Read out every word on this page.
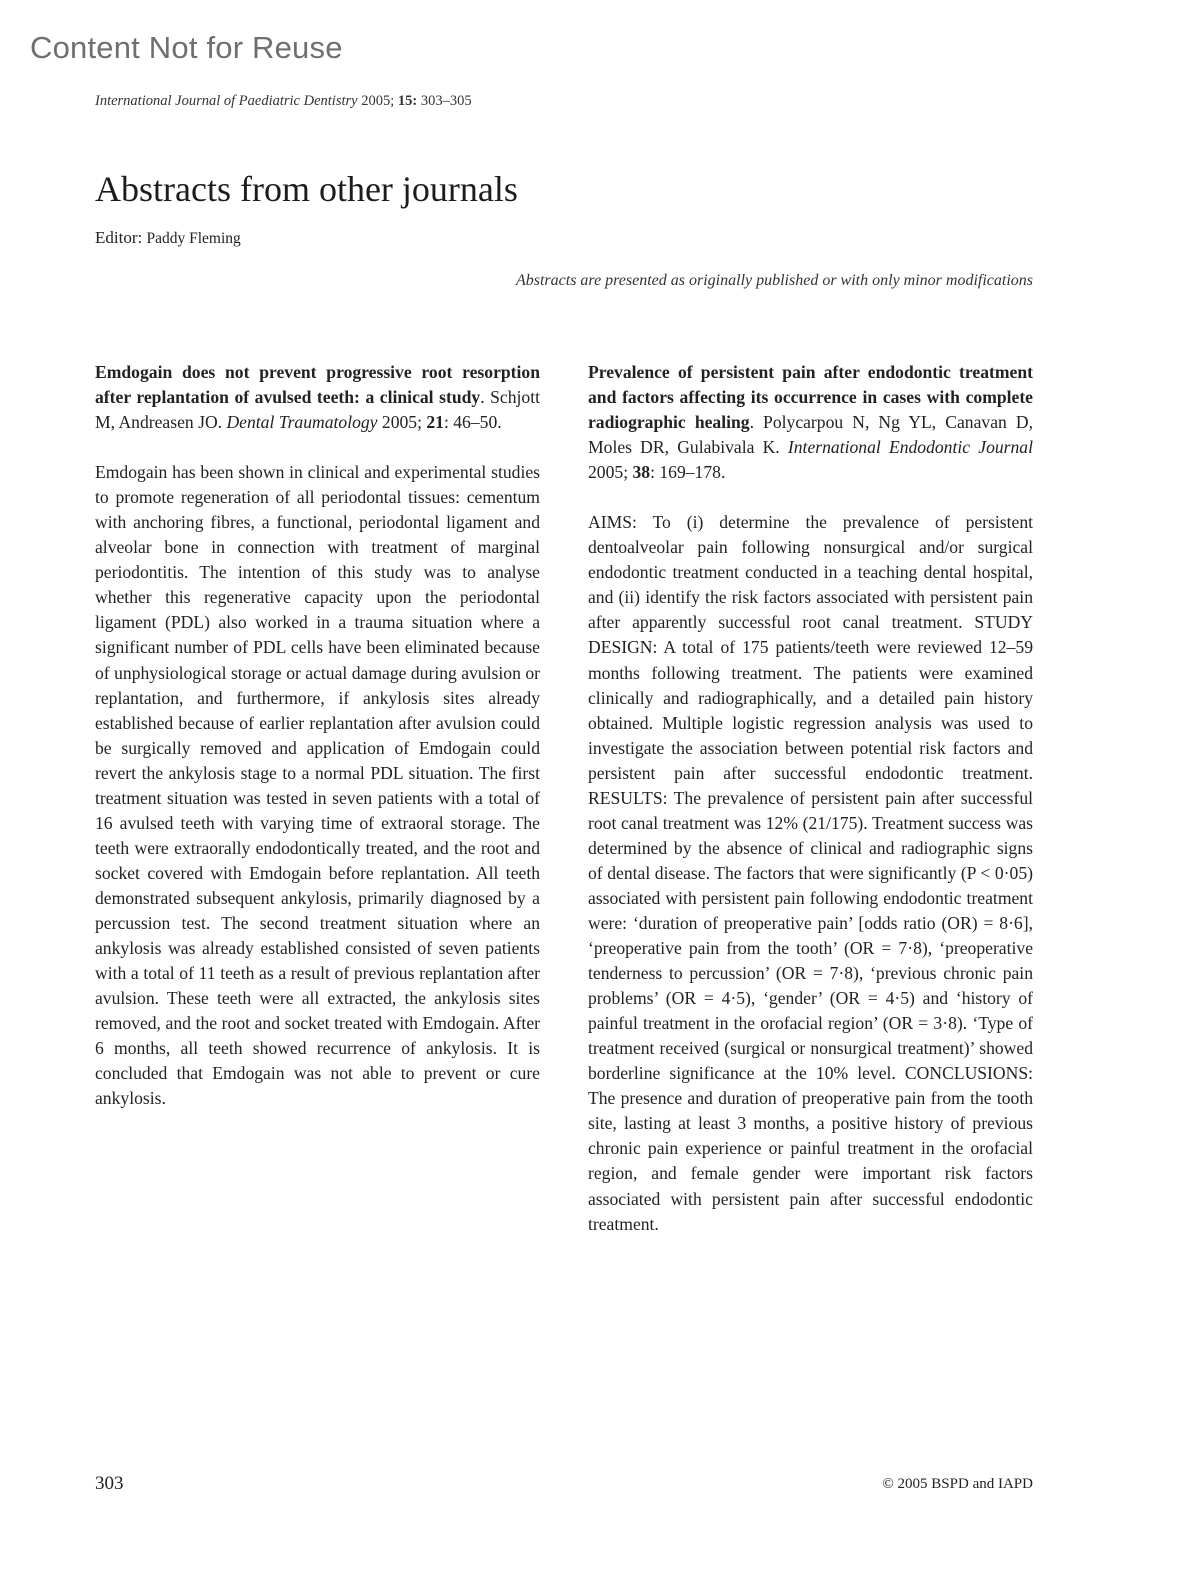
Content Not for Reuse
International Journal of Paediatric Dentistry 2005; 15: 303–305
Abstracts from other journals
Editor: Paddy Fleming
Abstracts are presented as originally published or with only minor modifications

Emdogain does not prevent progressive root resorption after replantation of avulsed teeth: a clinical study. Schjott M, Andreasen JO. Dental Traumatology 2005; 21: 46–50.

Emdogain has been shown in clinical and experimental studies to promote regeneration of all periodontal tissues: cementum with anchoring fibres, a functional, periodontal ligament and alveolar bone in connection with treatment of marginal periodontitis. The intention of this study was to analyse whether this regenerative capacity upon the periodontal ligament (PDL) also worked in a trauma situation where a significant number of PDL cells have been eliminated because of unphysiological storage or actual damage during avulsion or replantation, and furthermore, if ankylosis sites already established because of earlier replantation after avulsion could be surgically removed and application of Emdogain could revert the ankylosis stage to a normal PDL situation. The first treatment situation was tested in seven patients with a total of 16 avulsed teeth with varying time of extraoral storage. The teeth were extraorally endodontically treated, and the root and socket covered with Emdogain before replantation. All teeth demonstrated subsequent ankylosis, primarily diagnosed by a percussion test. The second treatment situation where an ankylosis was already established consisted of seven patients with a total of 11 teeth as a result of previous replantation after avulsion. These teeth were all extracted, the ankylosis sites removed, and the root and socket treated with Emdogain. After 6 months, all teeth showed recurrence of ankylosis. It is concluded that Emdogain was not able to prevent or cure ankylosis.

Prevalence of persistent pain after endodontic treatment and factors affecting its occurrence in cases with complete radiographic healing. Polycarpou N, Ng YL, Canavan D, Moles DR, Gulabivala K. International Endodontic Journal 2005; 38: 169–178.

AIMS: To (i) determine the prevalence of persistent dentoalveolar pain following nonsurgical and/or surgical endodontic treatment conducted in a teaching dental hospital, and (ii) identify the risk factors associated with persistent pain after apparently successful root canal treatment. STUDY DESIGN: A total of 175 patients/teeth were reviewed 12–59 months following treatment. The patients were examined clinically and radiographically, and a detailed pain history obtained. Multiple logistic regression analysis was used to investigate the association between potential risk factors and persistent pain after successful endodontic treatment. RESULTS: The prevalence of persistent pain after successful root canal treatment was 12% (21/175). Treatment success was determined by the absence of clinical and radiographic signs of dental disease. The factors that were significantly (P < 0·05) associated with persistent pain following endodontic treatment were: ‘duration of preoperative pain’ [odds ratio (OR) = 8·6], ‘preoperative pain from the tooth’ (OR = 7·8), ‘preoperative tenderness to percussion’ (OR = 7·8), ‘previous chronic pain problems’ (OR = 4·5), ‘gender’ (OR = 4·5) and ‘history of painful treatment in the orofacial region’ (OR = 3·8). ‘Type of treatment received (surgical or nonsurgical treatment)’ showed borderline significance at the 10% level. CONCLUSIONS: The presence and duration of preoperative pain from the tooth site, lasting at least 3 months, a positive history of previous chronic pain experience or painful treatment in the orofacial region, and female gender were important risk factors associated with persistent pain after successful endodontic treatment.

303	© 2005 BSPD and IAPD
